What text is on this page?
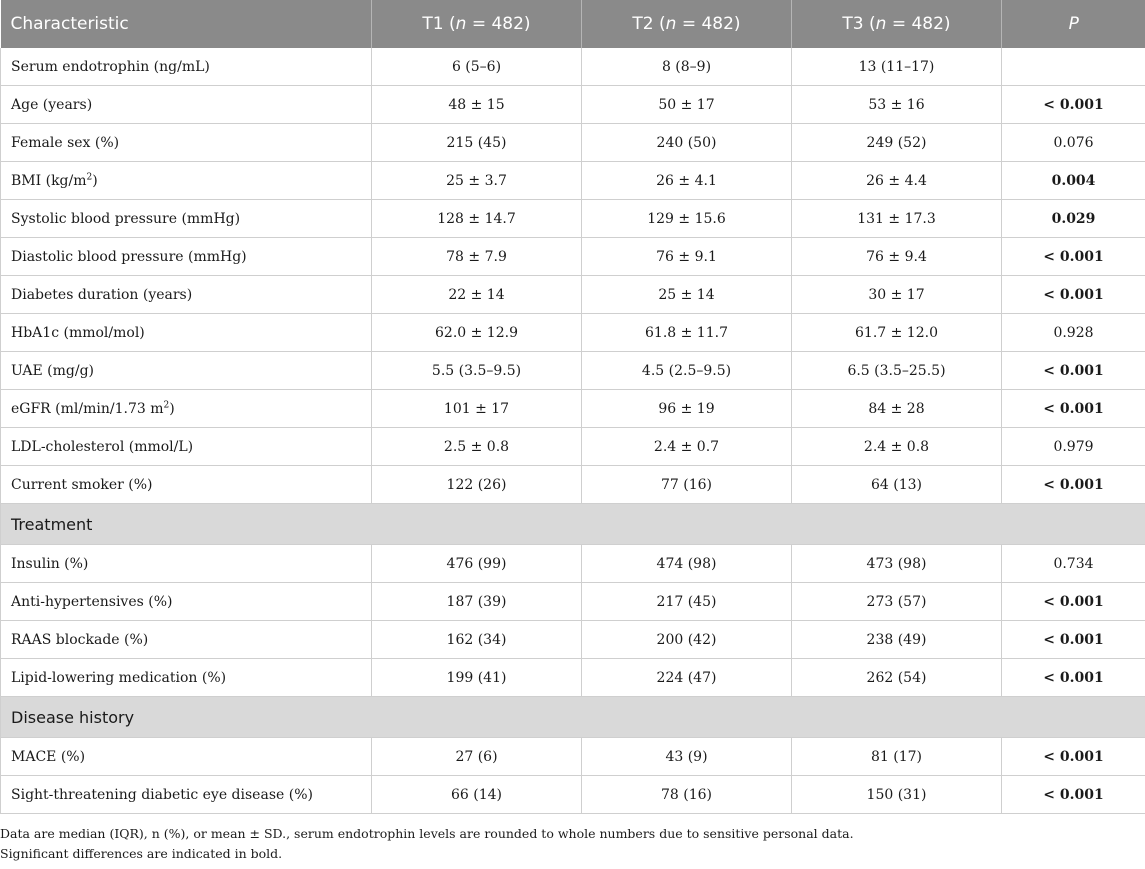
Characteristic	T1 (n = 482)	T2 (n = 482)	T3 (n = 482)	P
Serum endotrophin (ng/mL)	6 (5–6)	8 (8–9)	13 (11–17)	
Age (years)	48 ± 15	50 ± 17	53 ± 16	< 0.001
Female sex (%)	215 (45)	240 (50)	249 (52)	0.076
BMI $(kg/m^2)$	25 ± 3.7	26 ± 4.1	26 ± 4.4	0.004
Systolic blood pressure (mmHg)	128 ± 14.7	129 ± 15.6	131 ± 17.3	0.029
Diastolic blood pressure (mmHg)	78 ± 7.9	76 ± 9.1	76 ± 9.4	< 0.001
Diabetes duration (years)	22 ± 14	25 ± 14	30 ± 17	< 0.001
HbA1c (mmol/mol)	62.0 ± 12.9	61.8 ± 11.7	61.7 ± 12.0	0.928
UAE (mg/g)	5.5 (3.5–9.5)	4.5 (2.5–9.5)	6.5 (3.5–25.5)	< 0.001
eGFR (ml/min/1.73 $m^2$)	101 ± 17	96 ± 19	84 ± 28	< 0.001
LDL-cholesterol (mmol/L)	2.5 ± 0.8	2.4 ± 0.7	2.4 ± 0.8	0.979
Current smoker (%)	122 (26)	77 (16)	64 (13)	< 0.001
Treatment				
Insulin (%)	476 (99)	474 (98)	473 (98)	0.734
Anti-hypertensives (%)	187 (39)	217 (45)	273 (57)	< 0.001
RAAS blockade (%)	162 (34)	200 (42)	238 (49)	< 0.001
Lipid-lowering medication (%)	199 (41)	224 (47)	262 (54)	< 0.001
Disease history				
MACE (%)	27 (6)	43 (9)	81 (17)	< 0.001
Sight-threatening diabetic eye disease (%)	66 (14)	78 (16)	150 (31)	< 0.001

Data are median (IQR), n (%), or mean ± SD., serum endotrophin levels are rounded to whole numbers due to sensitive personal data.

Significant differences are indicated in bold.
